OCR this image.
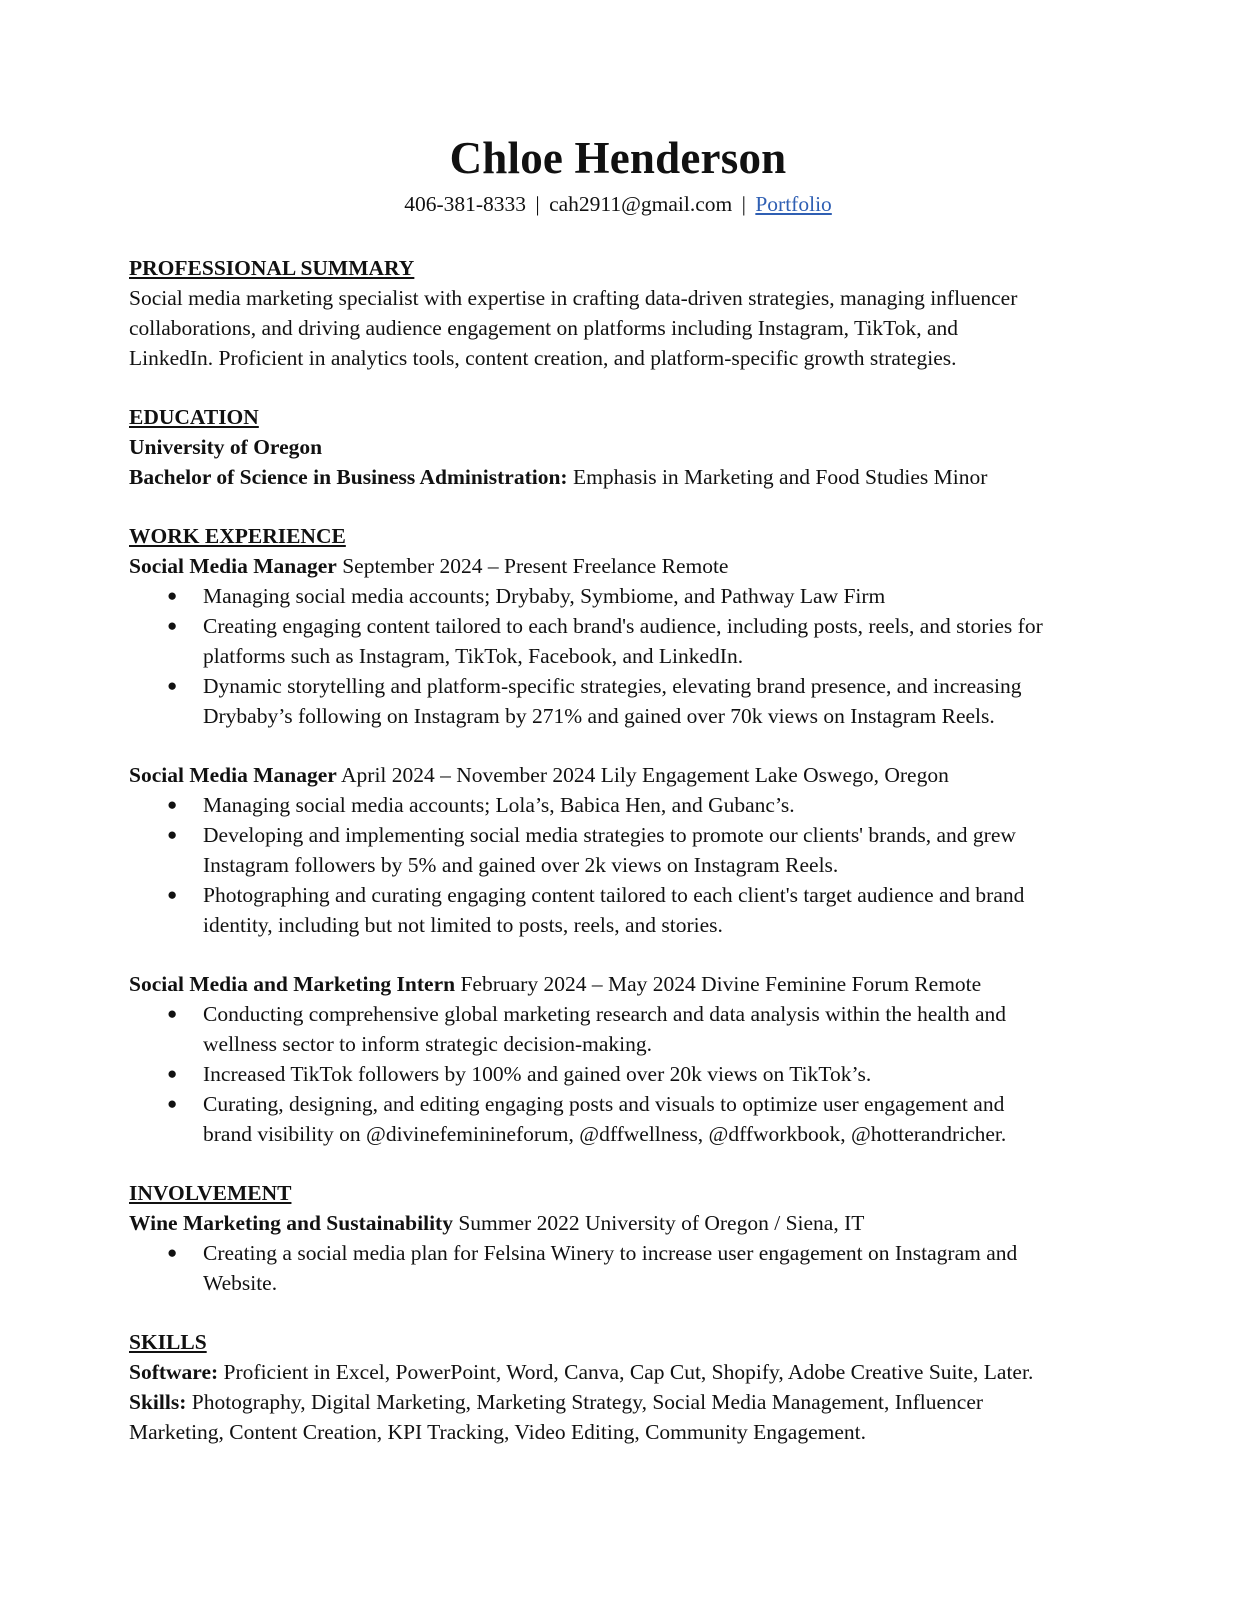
Chloe Henderson
406-381-8333 | cah2911@gmail.com | Portfolio

PROFESSIONAL SUMMARY

Social media marketing specialist with expertise in crafting data-driven strategies, managing influencer

collaborations, and driving audience engagement on platforms including Instagram, TikTok, and

LinkedIn. Proficient in analytics tools, content creation, and platform-specific growth strategies.

EDUCATION

University of Oregon

Bachelor of Science in Business Administration: Emphasis in Marketing and Food Studies Minor

WORK EXPERIENCE

Social Media Manager September 2024 – Present Freelance Remote

● Managing social media accounts; Drybaby, Symbiome, and Pathway Law Firm
● Creating engaging content tailored to each brand's audience, including posts, reels, and stories for
platforms such as Instagram, TikTok, Facebook, and LinkedIn.
● Dynamic storytelling and platform-specific strategies, elevating brand presence, and increasing
Drybaby’s following on Instagram by 271% and gained over 70k views on Instagram Reels.

Social Media Manager April 2024 – November 2024 Lily Engagement Lake Oswego, Oregon

● Managing social media accounts; Lola’s, Babica Hen, and Gubanc’s.
● Developing and implementing social media strategies to promote our clients' brands, and grew
Instagram followers by 5% and gained over 2k views on Instagram Reels.
● Photographing and curating engaging content tailored to each client's target audience and brand
identity, including but not limited to posts, reels, and stories.

Social Media and Marketing Intern February 2024 – May 2024 Divine Feminine Forum Remote

● Conducting comprehensive global marketing research and data analysis within the health and
wellness sector to inform strategic decision-making.
● Increased TikTok followers by 100% and gained over 20k views on TikTok’s.
● Curating, designing, and editing engaging posts and visuals to optimize user engagement and
brand visibility on @divinefeminineforum, @dffwellness, @dffworkbook, @hotterandricher.

INVOLVEMENT

Wine Marketing and Sustainability Summer 2022 University of Oregon / Siena, IT

● Creating a social media plan for Felsina Winery to increase user engagement on Instagram and
Website.

SKILLS

Software: Proficient in Excel, PowerPoint, Word, Canva, Cap Cut, Shopify, Adobe Creative Suite, Later.

Skills: Photography, Digital Marketing, Marketing Strategy, Social Media Management, Influencer

Marketing, Content Creation, KPI Tracking, Video Editing, Community Engagement.
